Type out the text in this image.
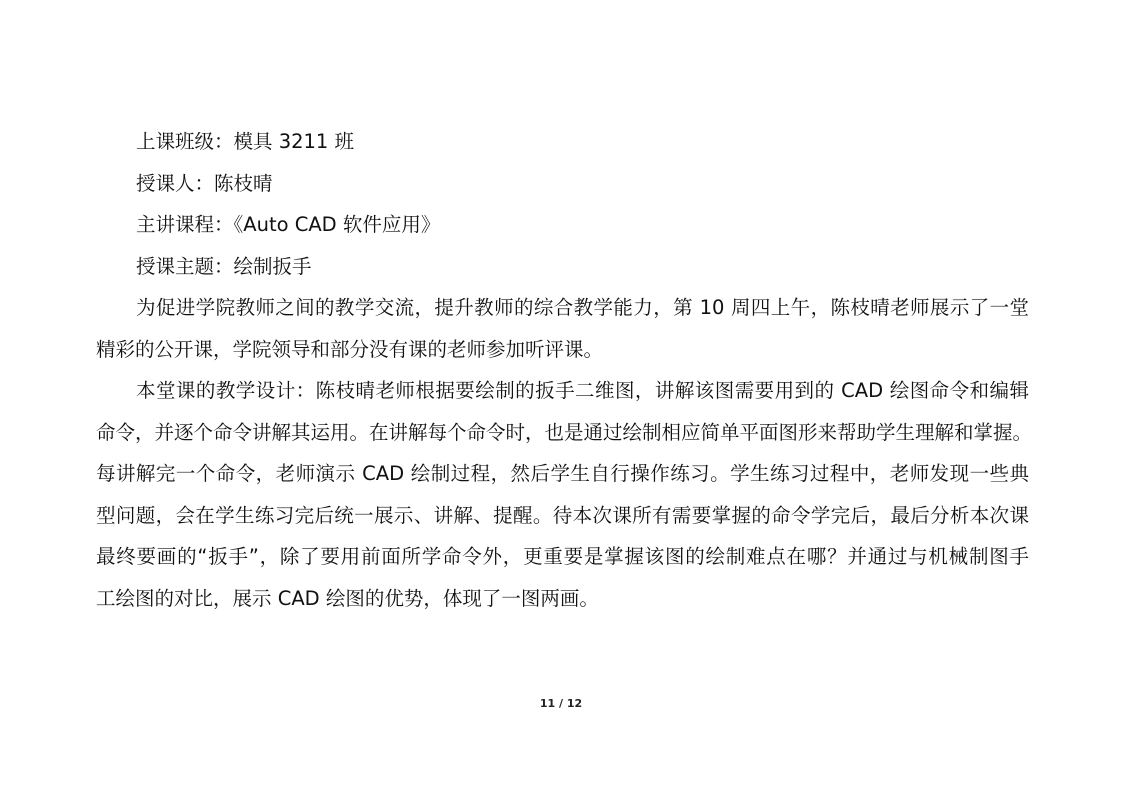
上课班级：模具 3211 班

授课人：陈枝晴

主讲课程：《Auto CAD 软件应用》

授课主题：绘制扳手

为促进学院教师之间的教学交流，提升教师的综合教学能力，第 10 周四上午，陈枝晴老师展示了一堂
精彩的公开课，学院领导和部分没有课的老师参加听评课。
本堂课的教学设计：陈枝晴老师根据要绘制的扳手二维图，讲解该图需要用到的 CAD 绘图命令和编辑
命令，并逐个命令讲解其运用。在讲解每个命令时，也是通过绘制相应简单平面图形来帮助学生理解和掌握。
每讲解完一个命令，老师演示 CAD 绘制过程，然后学生自行操作练习。学生练习过程中，老师发现一些典
型问题，会在学生练习完后统一展示、讲解、提醒。待本次课所有需要掌握的命令学完后，最后分析本次课
最终要画的“扳手”，除了要用前面所学命令外，更重要是掌握该图的绘制难点在哪？并通过与机械制图手
工绘图的对比，展示 CAD 绘图的优势，体现了一图两画。
11 / 12
